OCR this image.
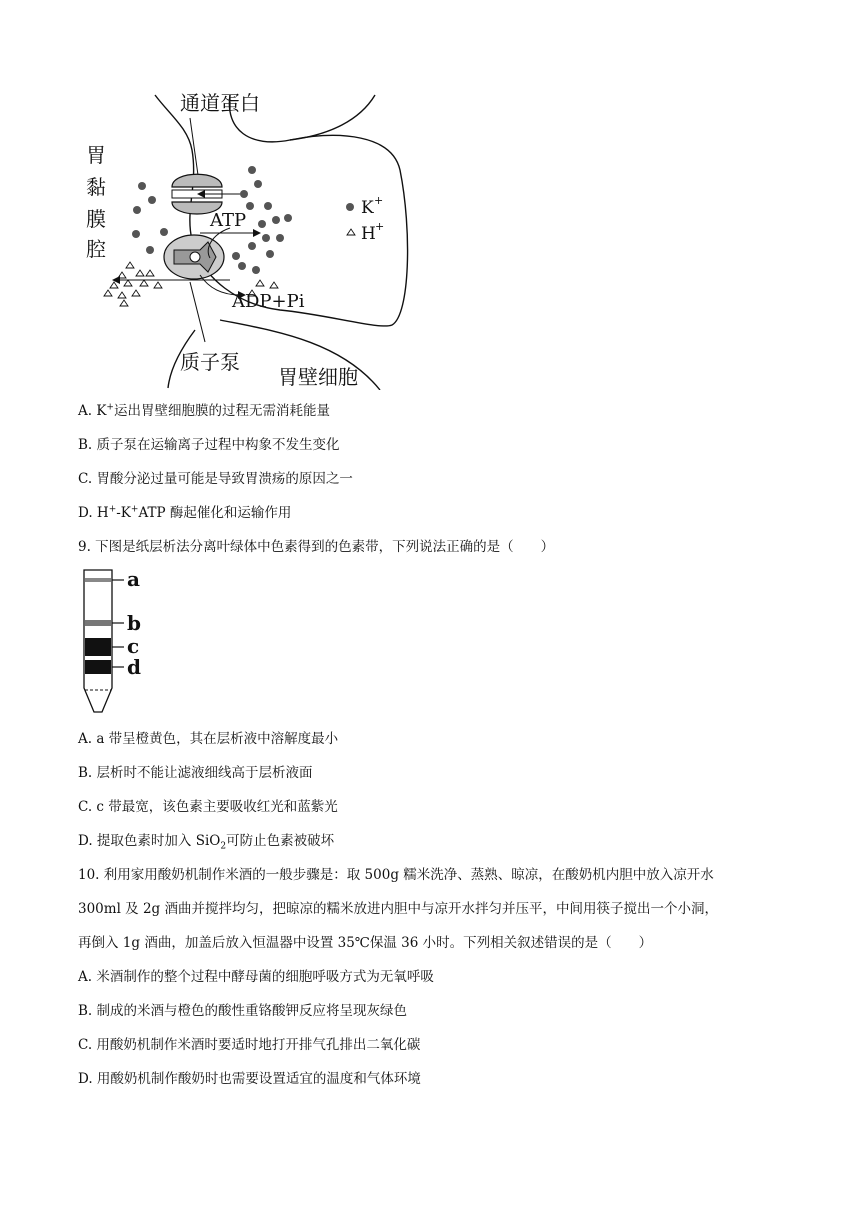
通道蛋白
ATP
ADP+Pi
质子泵
胃壁细胞
胃
黏
膜
腔
K +
H +
A. K+运出胃壁细胞膜的过程无需消耗能量
B. 质子泵在运输离子过程中构象不发生变化
C. 胃酸分泌过量可能是导致胃溃疡的原因之一
D. H+-K+ATP 酶起催化和运输作用
9. 下图是纸层析法分离叶绿体中色素得到的色素带，下列说法正确的是（　　）
a
b
c
d
A. a 带呈橙黄色，其在层析液中溶解度最小
B. 层析时不能让滤液细线高于层析液面
C. c 带最宽，该色素主要吸收红光和蓝紫光
D. 提取色素时加入 SiO$_2$可防止色素被破坏
10. 利用家用酸奶机制作米酒的一般步骤是：取 500g 糯米洗净、蒸熟、晾凉，在酸奶机内胆中放入凉开水
300ml 及 2g 酒曲并搅拌均匀，把晾凉的糯米放进内胆中与凉开水拌匀并压平，中间用筷子搅出一个小洞，
再倒入 1g 酒曲，加盖后放入恒温器中设置 35℃保温 36 小时。下列相关叙述错误的是（　　）
A. 米酒制作的整个过程中酵母菌的细胞呼吸方式为无氧呼吸
B. 制成的米酒与橙色的酸性重铬酸钾反应将呈现灰绿色
C. 用酸奶机制作米酒时要适时地打开排气孔排出二氧化碳
D. 用酸奶机制作酸奶时也需要设置适宜的温度和气体环境
